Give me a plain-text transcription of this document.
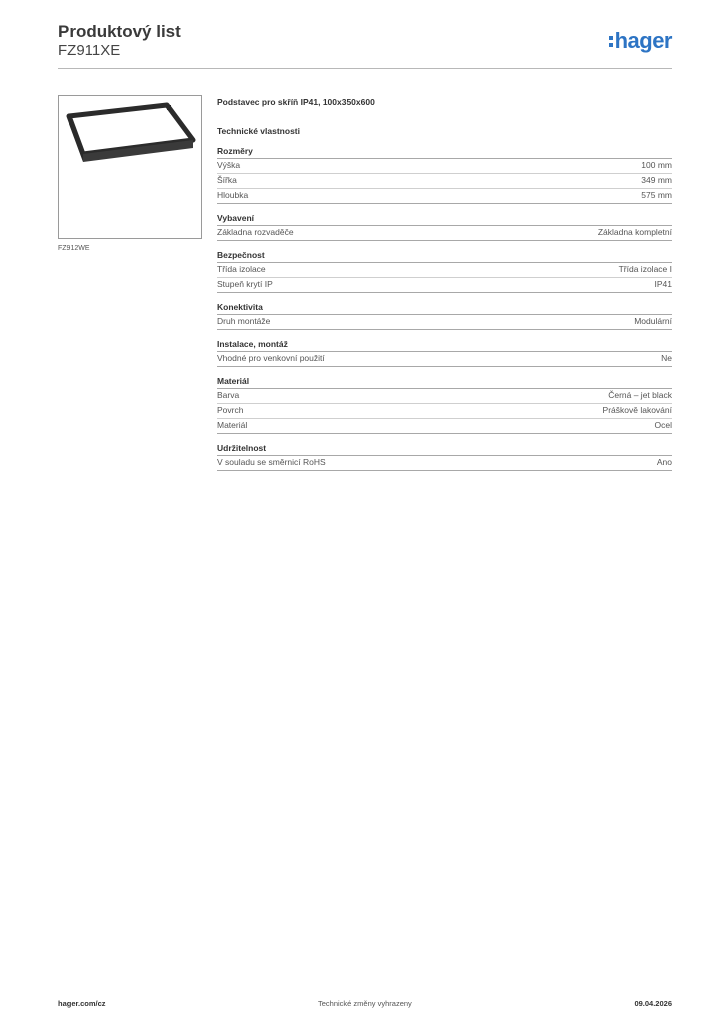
Produktový list
FZ911XE	hager
FZ912WE
Podstavec pro skříň IP41, 100x350x600
Technické vlastnosti
Rozměry
Výška	100 mm
Šířka	349 mm
Hloubka	575 mm
Vybavení
Základna rozvaděče	Základna kompletní
Bezpečnost
Třída izolace	Třída izolace I
Stupeň krytí IP	IP41
Konektivita
Druh montáže	Modulární
Instalace, montáž
Vhodné pro venkovní použití	Ne
Materiál
Barva	Černá – jet black
Povrch	Práškově lakování
Materiál	Ocel
Udržitelnost
V souladu se směrnicí RoHS	Ano
hager.com/cz	Technické změny vyhrazeny	09.04.2026
